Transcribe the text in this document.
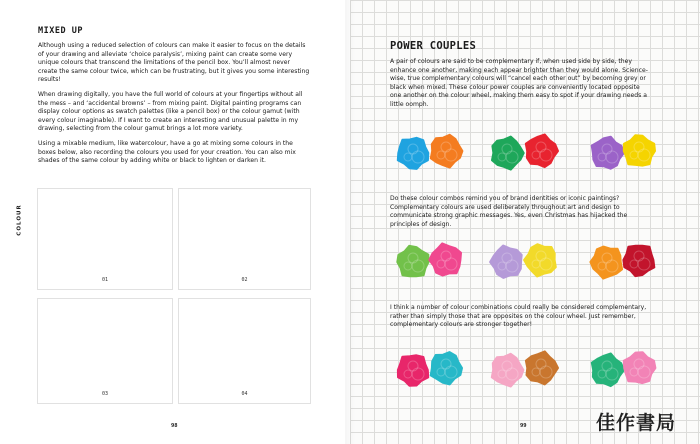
COLOUR
MIXED UP

Although using a reduced selection of colours can make it easier to focus on the details of your drawing and alleviate ‘choice paralysis’, mixing paint can create some very unique colours that transcend the limitations of the pencil box. You’ll almost never create the same colour twice, which can be frustrating, but it gives you some interesting results!

When drawing digitally, you have the full world of colours at your fingertips without all the mess – and ‘accidental browns’ – from mixing paint. Digital painting programs can display colour options as swatch palettes (like a pencil box) or the colour gamut (with every colour imaginable). If I want to create an interesting and unusual palette in my drawing, selecting from the colour gamut brings a lot more variety.

Using a mixable medium, like watercolour, have a go at mixing some colours in the boxes below, also recording the colours you used for your creation. You can also mix shades of the same colour by adding white or black to lighten or darken it.

01	02
03	04
98
POWER COUPLES

A pair of colours are said to be complementary if, when used side by side, they enhance one another, making each appear brighter than they would alone. Science-wise, true complementary colours will “cancel each other out” by becoming grey or black when mixed. These colour power couples are conveniently located opposite one another on the colour wheel, making them easy to spot if your drawing needs a little oomph.

Do these colour combos remind you of brand identities or iconic paintings? Complementary colours are used deliberately throughout art and design to communicate strong graphic messages. Yes, even Christmas has hijacked the principles of design.

I think a number of colour combinations could really be considered complementary, rather than simply those that are opposites on the colour wheel. Just remember, complementary colours are stronger together!

99	佳作書局
